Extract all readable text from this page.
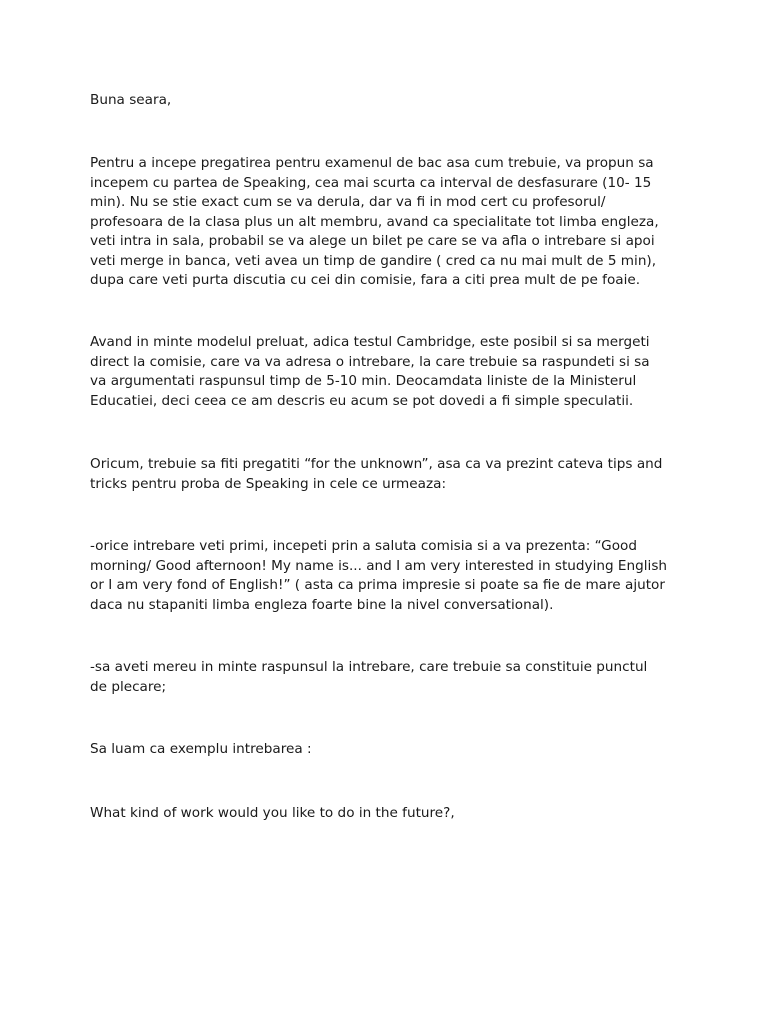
Buna seara,

Pentru a incepe pregatirea pentru examenul de bac asa cum trebuie, va propun sa
incepem cu partea de Speaking, cea mai scurta ca interval de desfasurare (10- 15
min). Nu se stie exact cum se va derula, dar va fi in mod cert cu profesorul/
profesoara de la clasa plus un alt membru, avand ca specialitate tot limba engleza,
veti intra in sala, probabil se va alege un bilet pe care se va afla o intrebare si apoi
veti merge in banca, veti avea un timp de gandire ( cred ca nu mai mult de 5 min),
dupa care veti purta discutia cu cei din comisie, fara a citi prea mult de pe foaie.

Avand in minte modelul preluat, adica testul Cambridge, este posibil si sa mergeti
direct la comisie, care va va adresa o intrebare, la care trebuie sa raspundeti si sa
va argumentati raspunsul timp de 5-10 min. Deocamdata liniste de la Ministerul
Educatiei, deci ceea ce am descris eu acum se pot dovedi a fi simple speculatii.

Oricum, trebuie sa fiti pregatiti “for the unknown”, asa ca va prezint cateva tips and
tricks pentru proba de Speaking in cele ce urmeaza:

-orice intrebare veti primi, incepeti prin a saluta comisia si a va prezenta: “Good
morning/ Good afternoon! My name is... and I am very interested in studying English
or I am very fond of English!” ( asta ca prima impresie si poate sa fie de mare ajutor
daca nu stapaniti limba engleza foarte bine la nivel conversational).

-sa aveti mereu in minte raspunsul la intrebare, care trebuie sa constituie punctul
de plecare;

Sa luam ca exemplu intrebarea :

What kind of work would you like to do in the future?,
